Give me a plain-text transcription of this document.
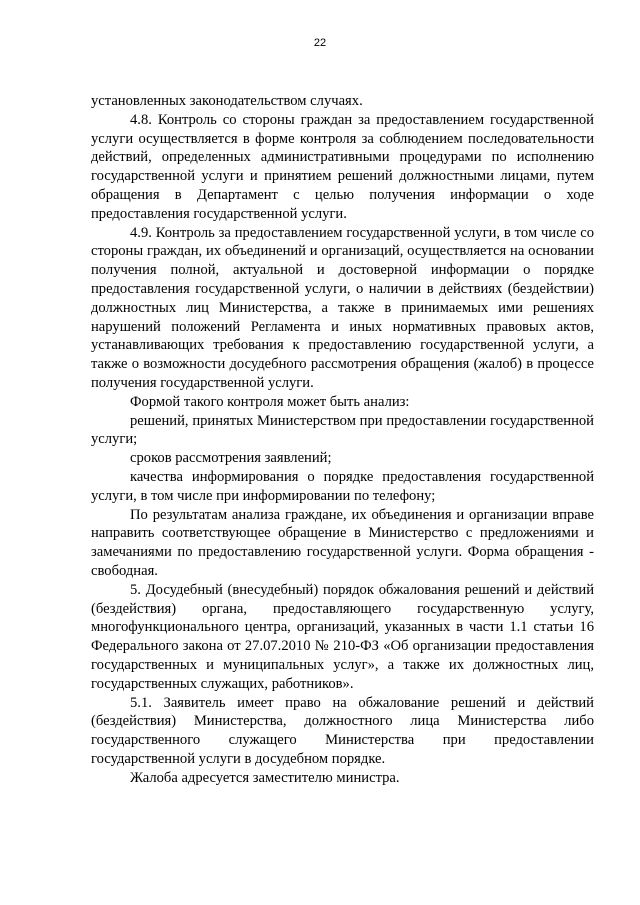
22

установленных законодательством случаях.

4.8. Контроль со стороны граждан за предоставлением государственной услуги осуществляется в форме контроля за соблюдением последовательности действий, определенных административными процедурами по исполнению государственной услуги и принятием решений должностными лицами, путем обращения в Департамент с целью получения информации о ходе предоставления государственной услуги.

4.9. Контроль за предоставлением государственной услуги, в том числе со стороны граждан, их объединений и организаций, осуществляется на основании получения полной, актуальной и достоверной информации о порядке предоставления государственной услуги, о наличии в действиях (бездействии) должностных лиц Министерства, а также в принимаемых ими решениях нарушений положений Регламента и иных нормативных правовых актов, устанавливающих требования к предоставлению государственной услуги, а также о возможности досудебного рассмотрения обращения (жалоб) в процессе получения государственной услуги.

Формой такого контроля может быть анализ:

решений, принятых Министерством при предоставлении государственной услуги;

сроков рассмотрения заявлений;

качества информирования о порядке предоставления государственной услуги, в том числе при информировании по телефону;

По результатам анализа граждане, их объединения и организации вправе направить соответствующее обращение в Министерство с предложениями и замечаниями по предоставлению государственной услуги. Форма обращения - свободная.

5. Досудебный (внесудебный) порядок обжалования решений и действий (бездействия) органа, предоставляющего государственную услугу, многофункционального центра, организаций, указанных в части 1.1 статьи 16 Федерального закона от 27.07.2010 № 210-ФЗ «Об организации предоставления государственных и муниципальных услуг», а также их должностных лиц, государственных служащих, работников».

5.1. Заявитель имеет право на обжалование решений и действий (бездействия) Министерства, должностного лица Министерства либо государственного служащего Министерства при предоставлении государственной услуги в досудебном порядке.

Жалоба адресуется заместителю министра.
